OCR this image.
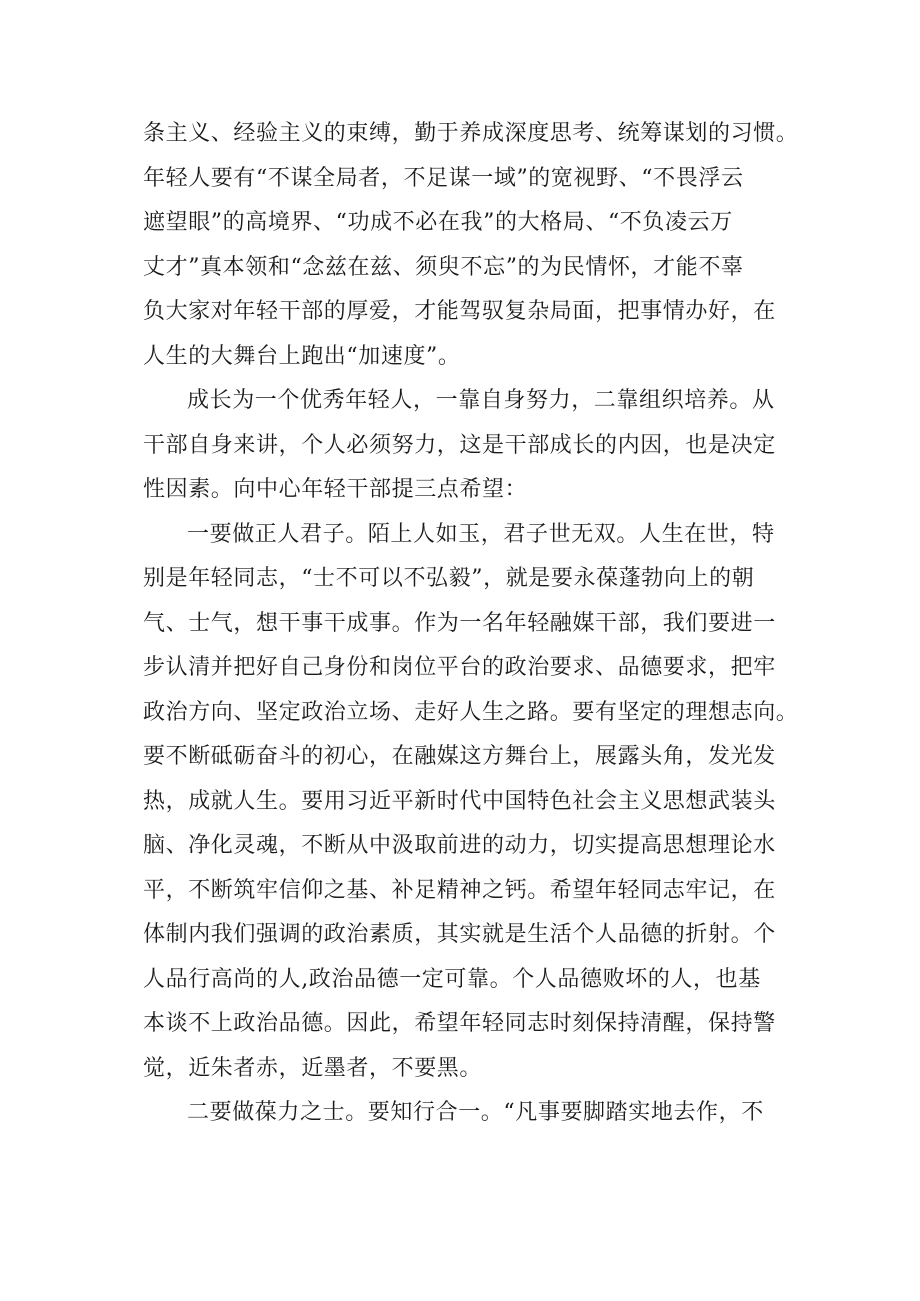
条主义、经验主义的束缚，勤于养成深度思考、统筹谋划的习惯。
年轻人要有“不谋全局者，不足谋一域”的宽视野、“不畏浮云
遮望眼”的高境界、“功成不必在我”的大格局、“不负凌云万
丈才”真本领和“念兹在兹、须臾不忘”的为民情怀，才能不辜
负大家对年轻干部的厚爱，才能驾驭复杂局面，把事情办好，在
人生的大舞台上跑出“加速度”。
成长为一个优秀年轻人，一靠自身努力，二靠组织培养。从
干部自身来讲，个人必须努力，这是干部成长的内因，也是决定
性因素。向中心年轻干部提三点希望：
一要做正人君子。陌上人如玉，君子世无双。人生在世，特
别是年轻同志，“士不可以不弘毅”，就是要永葆蓬勃向上的朝
气、士气，想干事干成事。作为一名年轻融媒干部，我们要进一
步认清并把好自己身份和岗位平台的政治要求、品德要求，把牢
政治方向、坚定政治立场、走好人生之路。要有坚定的理想志向。
要不断砥砺奋斗的初心，在融媒这方舞台上，展露头角，发光发
热，成就人生。要用习近平新时代中国特色社会主义思想武装头
脑、净化灵魂，不断从中汲取前进的动力，切实提高思想理论水
平，不断筑牢信仰之基、补足精神之钙。希望年轻同志牢记，在
体制内我们强调的政治素质，其实就是生活个人品德的折射。个
人品行高尚的人,政治品德一定可靠。个人品德败坏的人，也基
本谈不上政治品德。因此，希望年轻同志时刻保持清醒，保持警
觉，近朱者赤，近墨者，不要黑。
二要做葆力之士。要知行合一。“凡事要脚踏实地去作，不
